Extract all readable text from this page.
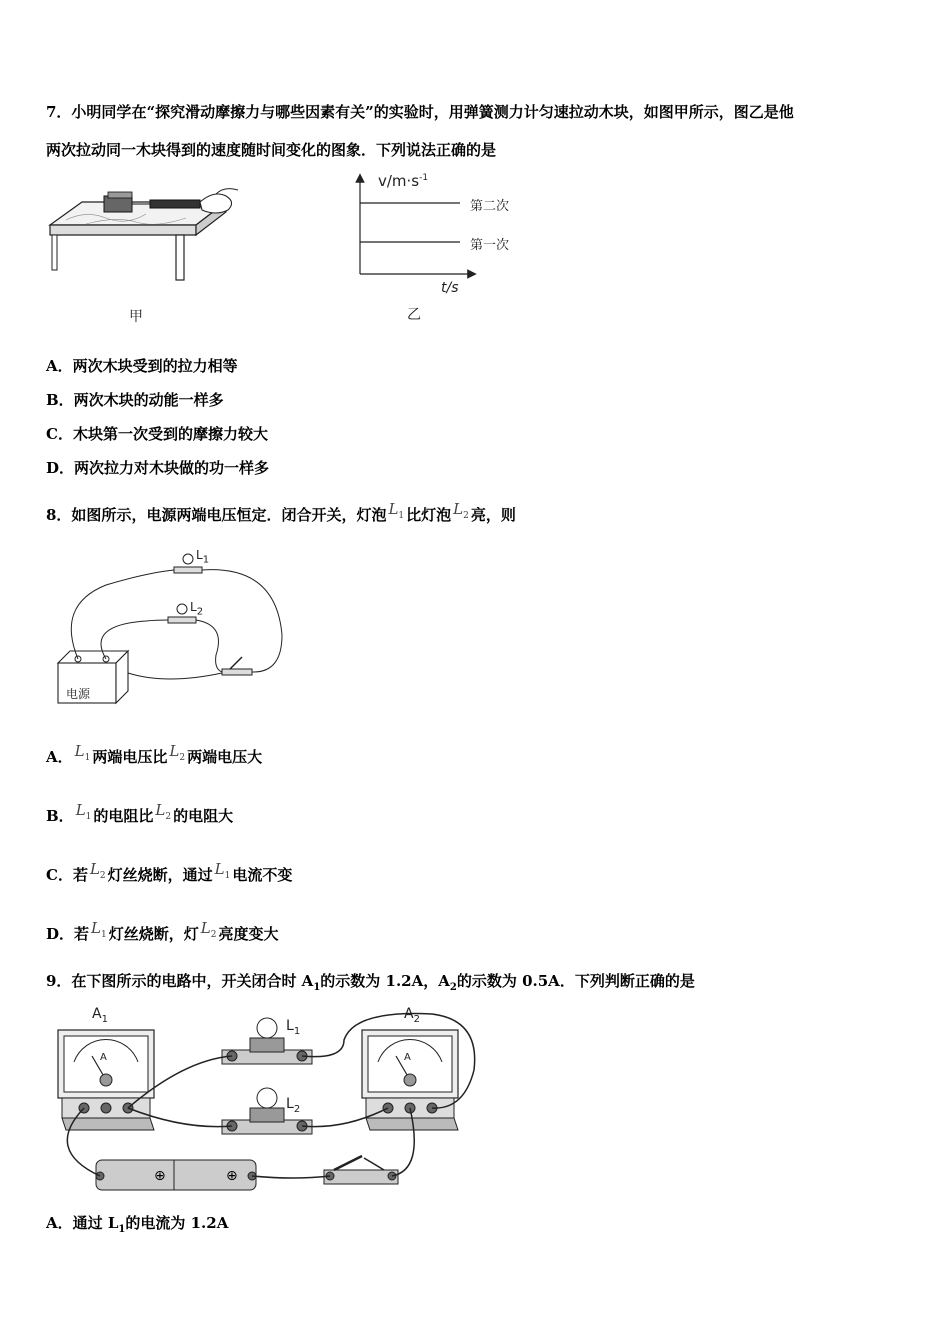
7．小明同学在“探究滑动摩擦力与哪些因素有关”的实验时，用弹簧测力计匀速拉动木块，如图甲所示，图乙是他
两次拉动同一木块得到的速度随时间变化的图象．下列说法正确的是
甲
$v/m\cdot s^{-1}$
第二次
第一次
t/s
乙
A．两次木块受到的拉力相等
B．两次木块的动能一样多
C．木块第一次受到的摩擦力较大
D．两次拉力对木块做的功一样多
8．如图所示，电源两端电压恒定．闭合开关，灯泡 $L_1$ 比灯泡 $L_2$ 亮，则
电源
$L_1$
$L_2$
A． $L_1$ 两端电压比 $L_2$ 两端电压大
B． $L_1$ 的电阻比 $L_2$ 的电阻大
C．若 $L_2$ 灯丝烧断，通过 $L_1$ 电流不变
D．若 $L_1$ 灯丝烧断，灯 $L_2$ 亮度变大
9．在下图所示的电路中，开关闭合时 $A_1$的示数为 1.2A，$A_2$的示数为 0.5A．下列判断正确的是
⊕	⊕
$A_1$	$A_2$
$L_1$
$L_2$
A	A
A．通过 $L_1$的电流为 1.2A
